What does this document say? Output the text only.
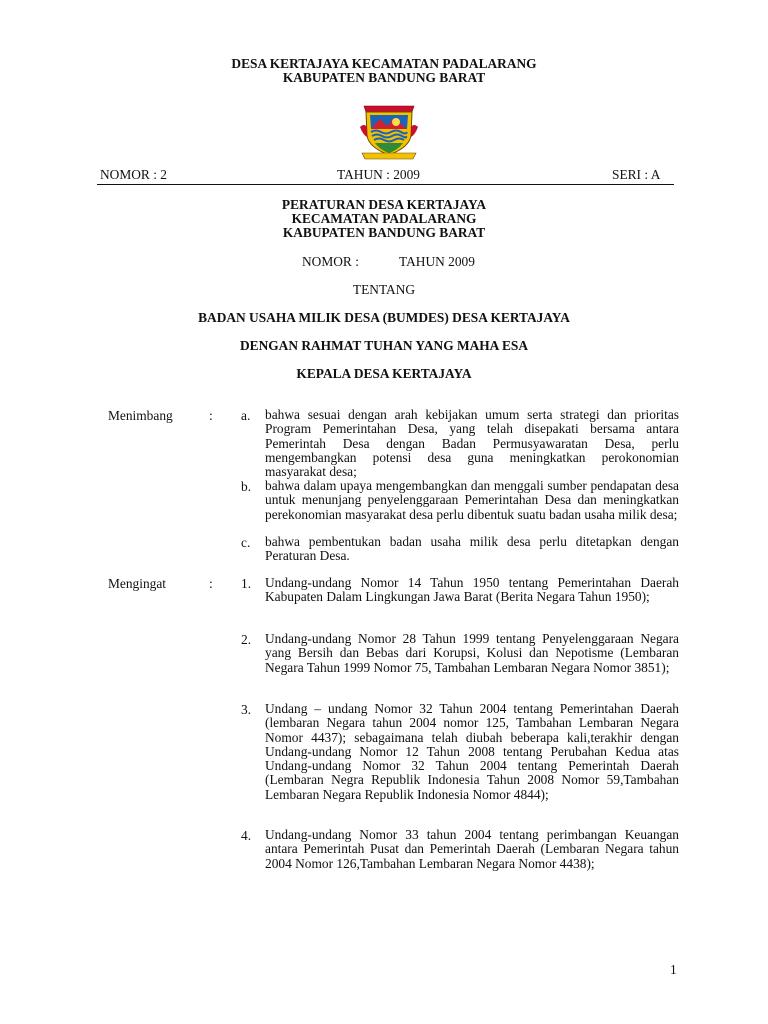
DESA KERTAJAYA KECAMATAN PADALARANG
KABUPATEN BANDUNG BARAT
NOMOR : 2	TAHUN : 2009	SERI : A
PERATURAN DESA KERTAJAYA
KECAMATAN PADALARANG
KABUPATEN BANDUNG BARAT
NOMOR :	TAHUN 2009
TENTANG
BADAN USAHA MILIK DESA (BUMDES) DESA KERTAJAYA
DENGAN RAHMAT TUHAN YANG MAHA ESA
KEPALA DESA KERTAJAYA
Menimbang	: a. bahwa sesuai dengan arah kebijakan umum serta strategi dan prioritas Program Pemerintahan Desa, yang telah disepakati bersama antara Pemerintah Desa dengan Badan Permusyawaratan Desa, perlu mengembangkan potensi desa guna meningkatkan perokonomian masyarakat desa;
b. bahwa dalam upaya mengembangkan dan menggali sumber pendapatan desa untuk menunjang penyelenggaraan Pemerintahan Desa dan meningkatkan perekonomian masyarakat desa perlu dibentuk suatu badan usaha milik desa;
c. bahwa pembentukan badan usaha milik desa perlu ditetapkan dengan Peraturan Desa.
Mengingat	: 1. Undang-undang Nomor 14 Tahun 1950 tentang Pemerintahan Daerah Kabupaten Dalam Lingkungan Jawa Barat (Berita Negara Tahun 1950);
2. Undang-undang Nomor 28 Tahun 1999 tentang Penyelenggaraan Negara yang Bersih dan Bebas dari Korupsi, Kolusi dan Nepotisme (Lembaran Negara Tahun 1999 Nomor 75, Tambahan Lembaran Negara Nomor 3851);
3. Undang – undang Nomor 32 Tahun 2004 tentang Pemerintahan Daerah (lembaran Negara tahun 2004 nomor 125, Tambahan Lembaran Negara Nomor 4437); sebagaimana telah diubah beberapa kali,terakhir dengan Undang-undang Nomor 12 Tahun 2008 tentang Perubahan Kedua atas Undang-undang Nomor 32 Tahun 2004 tentang Pemerintah Daerah (Lembaran Negra Republik Indonesia Tahun 2008 Nomor 59,Tambahan Lembaran Negara Republik Indonesia Nomor 4844);
4. Undang-undang Nomor 33 tahun 2004 tentang perimbangan Keuangan antara Pemerintah Pusat dan Pemerintah Daerah (Lembaran Negara tahun 2004 Nomor 126,Tambahan Lembaran Negara Nomor 4438);
1
